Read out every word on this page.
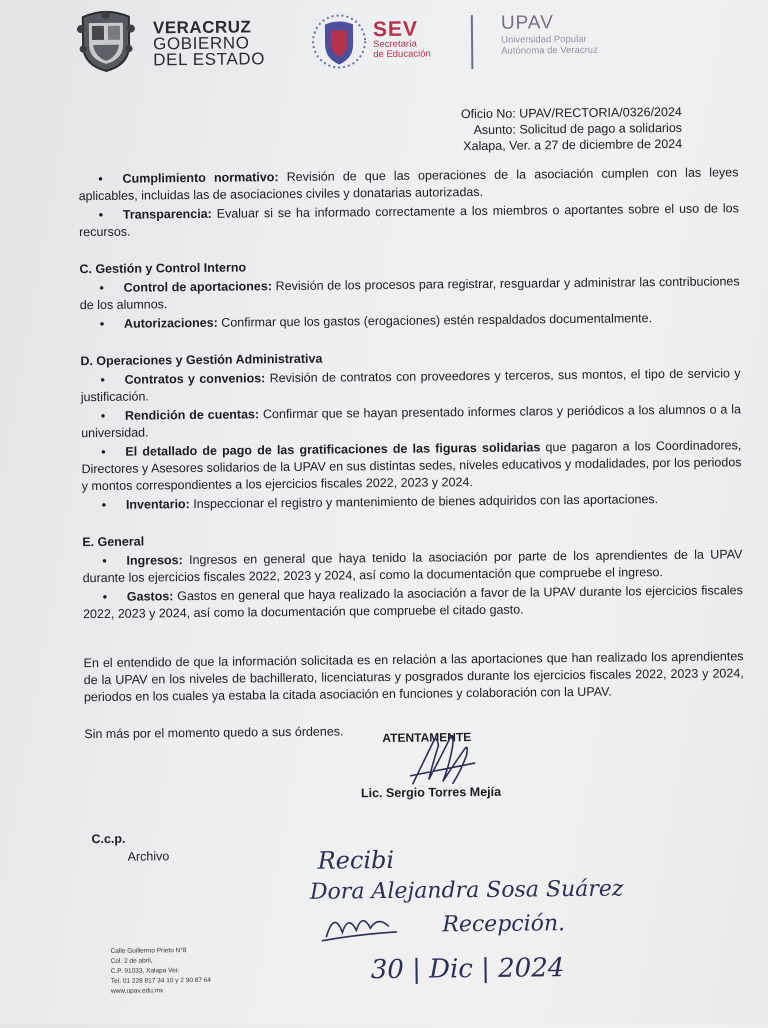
VERACRUZ
GOBIERNO
DEL ESTADO
SEV
Secretaría
de Educación
UPAV
Universidad Popular
Autónoma de Veracruz
Oficio No: UPAV/RECTORIA/0326/2024
Asunto: Solicitud de pago a solidarios
Xalapa, Ver. a 27 de diciembre de 2024
• Cumplimiento normativo: Revisión de que las operaciones de la asociación cumplen con las leyes aplicables, incluidas las de asociaciones civiles y donatarias autorizadas.
• Transparencia: Evaluar si se ha informado correctamente a los miembros o aportantes sobre el uso de los recursos.
C. Gestión y Control Interno
• Control de aportaciones: Revisión de los procesos para registrar, resguardar y administrar las contribuciones de los alumnos.
• Autorizaciones: Confirmar que los gastos (erogaciones) estén respaldados documentalmente.
D. Operaciones y Gestión Administrativa
• Contratos y convenios: Revisión de contratos con proveedores y terceros, sus montos, el tipo de servicio y justificación.
• Rendición de cuentas: Confirmar que se hayan presentado informes claros y periódicos a los alumnos o a la universidad.
• El detallado de pago de las gratificaciones de las figuras solidarias que pagaron a los Coordinadores, Directores y Asesores solidarios de la UPAV en sus distintas sedes, niveles educativos y modalidades, por los periodos y montos correspondientes a los ejercicios fiscales 2022, 2023 y 2024.
• Inventario: Inspeccionar el registro y mantenimiento de bienes adquiridos con las aportaciones.
E. General
• Ingresos: Ingresos en general que haya tenido la asociación por parte de los aprendientes de la UPAV durante los ejercicios fiscales 2022, 2023 y 2024, así como la documentación que compruebe el ingreso.
• Gastos: Gastos en general que haya realizado la asociación a favor de la UPAV durante los ejercicios fiscales 2022, 2023 y 2024, así como la documentación que compruebe el citado gasto.
En el entendido de que la información solicitada es en relación a las aportaciones que han realizado los aprendientes de la UPAV en los niveles de bachillerato, licenciaturas y posgrados durante los ejercicios fiscales 2022, 2023 y 2024, periodos en los cuales ya estaba la citada asociación en funciones y colaboración con la UPAV.
Sin más por el momento quedo a sus órdenes.	ATENTAMENTE
Lic. Sergio Torres Mejía
C.c.p.
Archivo
Calle Guillermo Prieto N°8
Col. 2 de abril,
C.P. 91033, Xalapa Ver.
Tel. 01 228 817 34 10 y 2 90 87 64
www.upav.edu.mx
Recibi
Dora Alejandra Sosa Suárez
Recepción.
30 | Dic | 2024
